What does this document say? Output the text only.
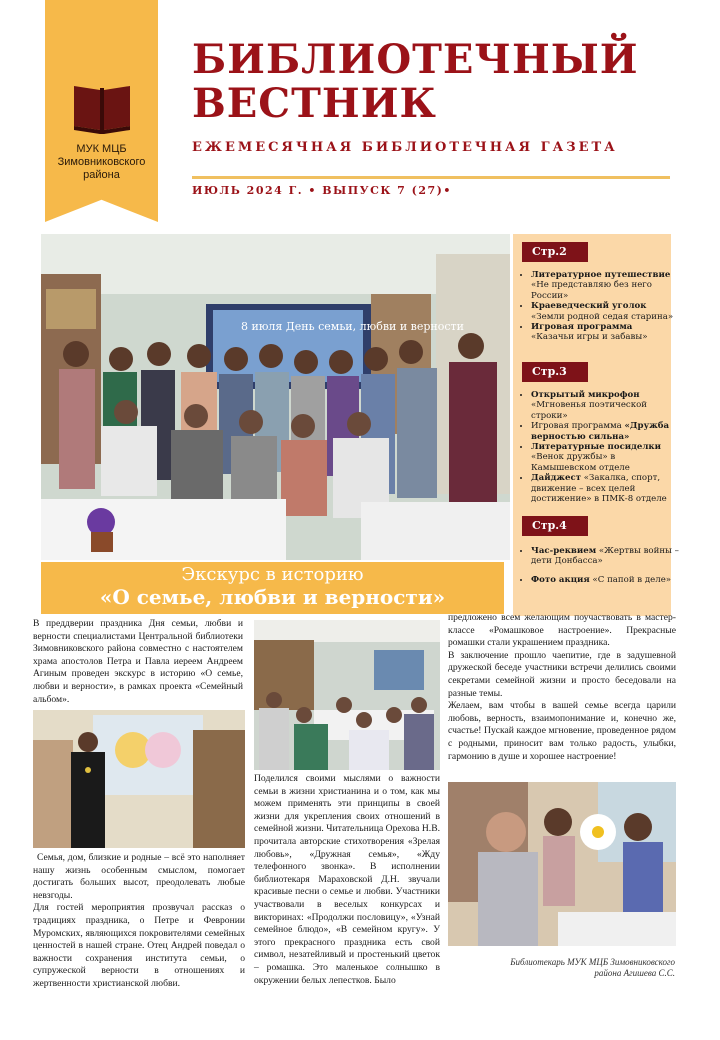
МУК МЦБ
Зимовниковского
района
БИБЛИОТЕЧНЫЙ
ВЕСТНИК
ЕЖЕМЕСЯЧНАЯ БИБЛИОТЕЧНАЯ ГАЗЕТА
ИЮЛЬ 2024 Г. • ВЫПУСК 7 (27)•
8 июля День семьи, любви и верности
Экскурс в историю
«О семье, любви и верности»
Стр.2
• Литературное путешествие
«Не представляю без него России»
• Краеведческий уголок
«Земли родной седая старина»
• Игровая программа
«Казачьи игры и забавы»
Стр.3
• Открытый микрофон
«Мгновенья поэтической строки»
• Игровая программа «Дружба верностью сильна»
• Литературные посиделки
«Венок дружбы» в Камышевском отделе
• Дайджест «Закалка, спорт, движение – всех целей достижение» в ПМК-8 отделе
Стр.4
• Час-реквием «Жертвы войны – дети Донбасса»
• Фото акция «С папой в деле»

В преддверии праздника Дня семьи, любви и верности специалистами Центральной библиотеки Зимовниковского района совместно с настоятелем храма апостолов Петра и Павла иереем Андреем Агиным проведен экскурс в историю «О семье, любви и верности», в рамках проекта «Семейный альбом».

Семья, дом, близкие и родные – всё это наполняет нашу жизнь особенным смыслом, помогает достигать больших высот, преодолевать любые невзгоды.

Для гостей мероприятия прозвучал рассказ о традициях праздника, о Петре и Февронии Муромских, являющихся покровителями семейных ценностей в нашей стране. Отец Андрей поведал о важности сохранения института семьи, о супружеской верности в отношениях и жертвенности христианской любви.

Поделился своими мыслями о важности семьи в жизни христианина и о том, как мы можем применять эти принципы в своей жизни для укрепления своих отношений в семейной жизни. Читательница Орехова Н.В. прочитала авторские стихотворения «Зрелая любовь», «Дружная семья», «Жду телефонного звонка». В исполнении библиотекаря Мараховской Д.Н. звучали красивые песни о семье и любви. Участники участвовали в веселых конкурсах и викторинах: «Продолжи пословицу», «Узнай семейное блюдо», «В семейном кругу». У этого прекрасного праздника есть свой символ, незатейливый и простенький цветок – ромашка. Это маленькое солнышко в окружении белых лепестков. Было

предложено всем желающим поучаствовать в мастер-классе «Ромашковое настроение». Прекрасные ромашки стали украшением праздника.

В заключение прошло чаепитие, где в задушевной дружеской беседе участники встречи делились своими секретами семейной жизни и просто беседовали на разные темы.

Желаем, вам чтобы в вашей семье всегда царили любовь, верность, взаимопонимание и, конечно же, счастье! Пускай каждое мгновение, проведенное рядом с родными, приносит вам только радость, улыбки, гармонию в душе и хорошее настроение!

Библиотекарь МУК МЦБ Зимовниковского
района Агишева С.С.
